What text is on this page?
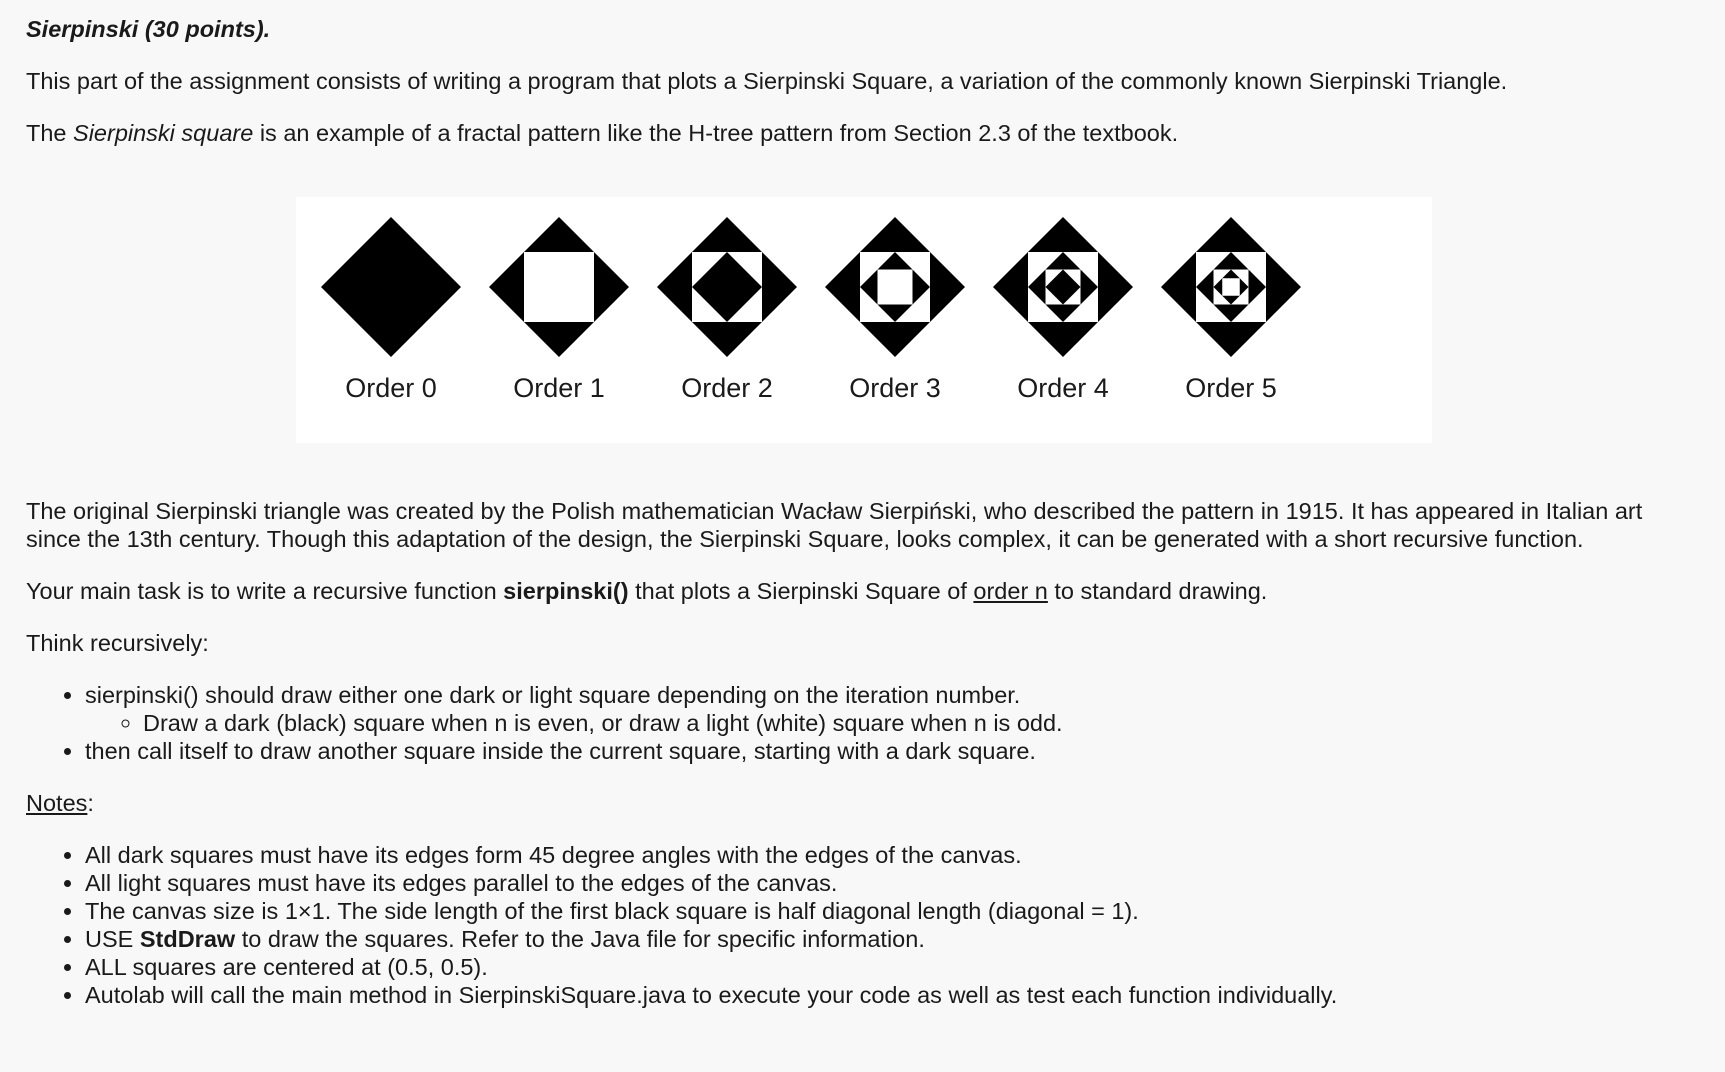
Sierpinski (30 points).

This part of the assignment consists of writing a program that plots a Sierpinski Square, a variation of the commonly known Sierpinski Triangle.

The Sierpinski square is an example of a fractal pattern like the H-tree pattern from Section 2.3 of the textbook.

Order 0	Order 1	Order 2	Order 3	Order 4	Order 5

The original Sierpinski triangle was created by the Polish mathematician Wacław Sierpiński, who described the pattern in 1915. It has appeared in Italian art since the 13th century. Though this adaptation of the design, the Sierpinski Square, looks complex, it can be generated with a short recursive function.

Your main task is to write a recursive function sierpinski() that plots a Sierpinski Square of order n to standard drawing.

Think recursively:

• sierpinski() should draw either one dark or light square depending on the iteration number.
◦ Draw a dark (black) square when n is even, or draw a light (white) square when n is odd.
• then call itself to draw another square inside the current square, starting with a dark square.

Notes:

• All dark squares must have its edges form 45 degree angles with the edges of the canvas.
• All light squares must have its edges parallel to the edges of the canvas.
• The canvas size is 1×1. The side length of the first black square is half diagonal length (diagonal = 1).
• USE StdDraw to draw the squares. Refer to the Java file for specific information.
• ALL squares are centered at (0.5, 0.5).
• Autolab will call the main method in SierpinskiSquare.java to execute your code as well as test each function individually.
